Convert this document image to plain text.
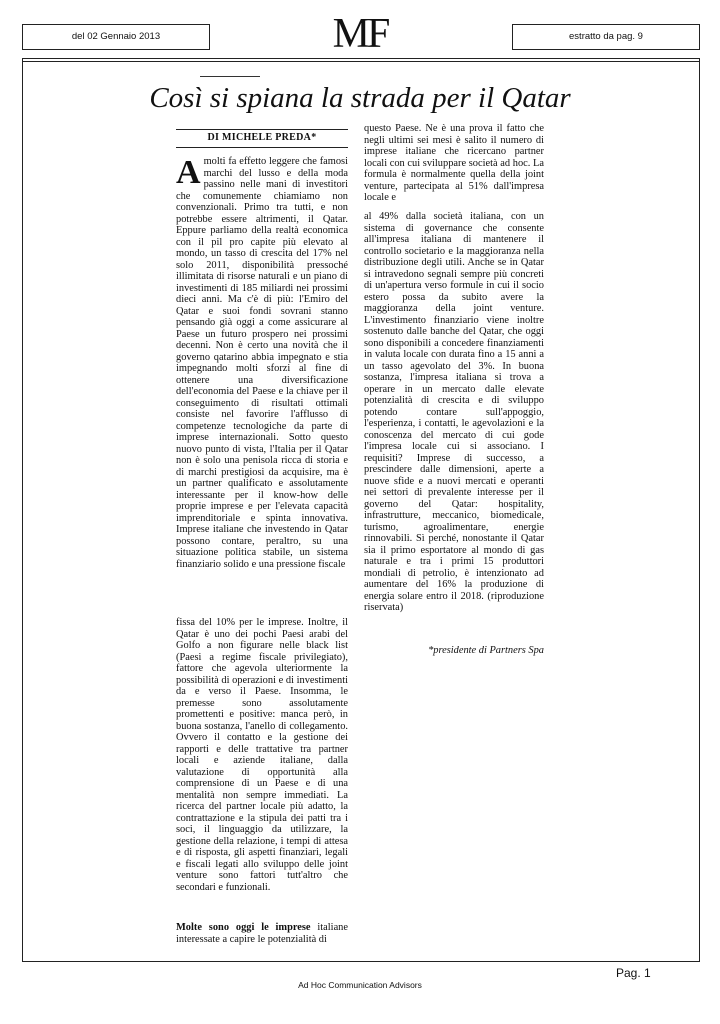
del 02 Gennaio 2013	MF	estratto da pag. 9
Così si spiana la strada per il Qatar
DI MICHELE PREDA*
Amolti fa effetto leggere che famosi marchi del lusso e della moda passino nelle mani di investitori che comunemente chiamiamo non convenzionali. Primo tra tutti, e non potrebbe essere altrimenti, il Qatar. Eppure parliamo della realtà economica con il pil pro capite più elevato al mondo, un tasso di crescita del 17% nel solo 2011, disponibilità pressoché illimitata di risorse naturali e un piano di investimenti di 185 miliardi nei prossimi dieci anni. Ma c'è di più: l'Emiro del Qatar e suoi fondi sovrani stanno pensando già oggi a come assicurare al Paese un futuro prospero nei prossimi decenni. Non è certo una novità che il governo qatarino abbia impegnato e stia impegnando molti sforzi al fine di ottenere una diversificazione dell'economia del Paese e la chiave per il conseguimento di risultati ottimali consiste nel favorire l'afflusso di competenze tecnologiche da parte di imprese internazionali. Sotto questo nuovo punto di vista, l'Italia per il Qatar non è solo una penisola ricca di storia e di marchi prestigiosi da acquisire, ma è un partner qualificato e assolutamente interessante per il know-how delle proprie imprese e per l'elevata capacità imprenditoriale e spinta innovativa. Imprese italiane che investendo in Qatar possono contare, peraltro, su una situazione politica stabile, un sistema finanziario solido e una pressione fiscale
fissa del 10% per le imprese. Inoltre, il Qatar è uno dei pochi Paesi arabi del Golfo a non figurare nelle black list (Paesi a regime fiscale privilegiato), fattore che agevola ulteriormente la possibilità di operazioni e di investimenti da e verso il Paese. Insomma, le premesse sono assolutamente promettenti e positive: manca però, in buona sostanza, l'anello di collegamento. Ovvero il contatto e la gestione dei rapporti e delle trattative tra partner locali e aziende italiane, dalla valutazione di opportunità alla comprensione di un Paese e di una mentalità non sempre immediati. La ricerca del partner locale più adatto, la contrattazione e la stipula dei patti tra i soci, il linguaggio da utilizzare, la gestione della relazione, i tempi di attesa e di risposta, gli aspetti finanziari, legali e fiscali legati allo sviluppo delle joint venture sono fattori tutt'altro che secondari e funzionali.
Molte sono oggi le imprese italiane interessate a capire le potenzialità di
questo Paese. Ne è una prova il fatto che negli ultimi sei mesi è salito il numero di imprese italiane che ricercano partner locali con cui sviluppare società ad hoc. La formula è normalmente quella della joint venture, partecipata al 51% dall'impresa locale e
al 49% dalla società italiana, con un sistema di governance che consente all'impresa italiana di mantenere il controllo societario e la maggioranza nella distribuzione degli utili. Anche se in Qatar si intravedono segnali sempre più concreti di un'apertura verso formule in cui il socio estero possa da subito avere la maggioranza della joint venture. L'investimento finanziario viene inoltre sostenuto dalle banche del Qatar, che oggi sono disponibili a concedere finanziamenti in valuta locale con durata fino a 15 anni a un tasso agevolato del 3%. In buona sostanza, l'impresa italiana si trova a operare in un mercato dalle elevate potenzialità di crescita e di sviluppo potendo contare sull'appoggio, l'esperienza, i contatti, le agevolazioni e la conoscenza del mercato di cui gode l'impresa locale cui si associano. I requisiti? Imprese di successo, a prescindere dalle dimensioni, aperte a nuove sfide e a nuovi mercati e operanti nei settori di prevalente interesse per il governo del Qatar: hospitality, infrastrutture, meccanico, biomedicale, turismo, agroalimentare, energie rinnovabili. Sì perché, nonostante il Qatar sia il primo esportatore al mondo di gas naturale e tra i primi 15 produttori mondiali di petrolio, è intenzionato ad aumentare del 16% la produzione di energia solare entro il 2018. (riproduzione riservata)
*presidente di Partners Spa
Pag. 1
Ad Hoc Communication Advisors
